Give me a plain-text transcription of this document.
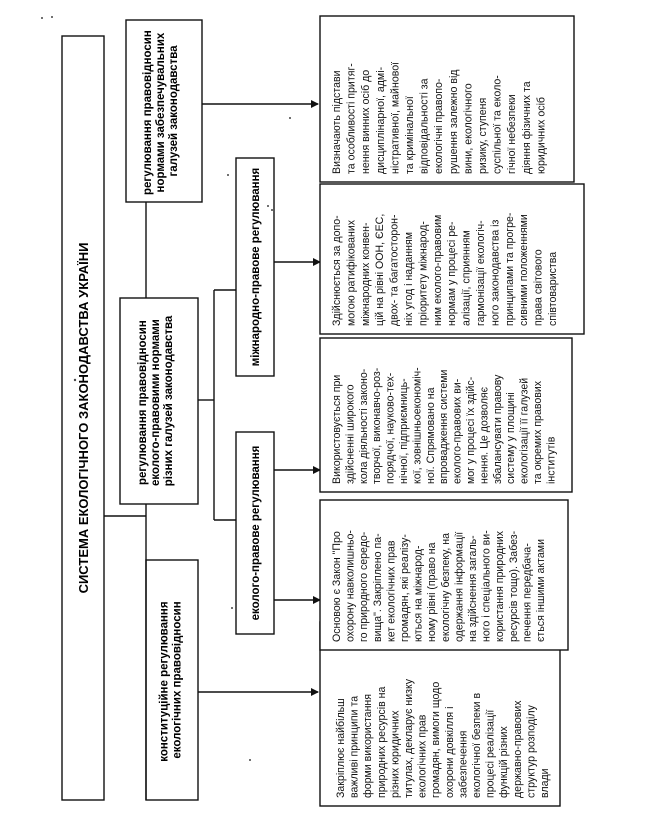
СИСТЕМА ЕКОЛОГІЧНОГО ЗАКОНОДАВСТВА УКРАЇНИ
конституційне регулювання екологічних правовідносин
регулювання правовідносин еколого-правовими нормами різних галузей законодавства
регулювання правовідносин нормами забезпечувальних галузей законодавства
еколого-правове регулювання
міжнародно-правове регулювання
Закріплює найбільш важливі принципи та форми використання природних ресурсів на різних юридичних титулах, декларує низку екологічних прав громадян, вимоги щодо охорони довкілля і забезпечення екологічної безпеки в процесі реалізації функцій різних державно-правових структур розподілу влади
Основою є Закон "Про охорону навколишньо- го природного середо- вища". Закріплено па- кет екологічних прав громадян, які реалізу- ються на міжнарод- ному рівні (право на екологічну безпеку, на одержання інформації на здійснення загаль- ного і спеціального ви- користання природних ресурсів тощо). Забез- печення передбача- ється іншими актами
Використовується при здійсненні широкого кола діяльності законо- творчої, виконавчо-роз- порядчої, науково-тех- нічної, підприємниць- кої, зовнішньоекономіч- ної. Спрямовано на впровадження системи еколого-правових ви- мог у процесі їх здійс- нення. Це дозволяє збалансувати правову систему у площині екологізації її галузей та окремих правових інститутів
Здійснюється за допо- могою ратифікованих міжнародних конвен- цій на рівні ООН, ЄЕС, двох- та багатосторон- ніх угод і наданням пріоритету міжнарод- ним еколого-правовим нормам у процесі ре- алізації, сприянням гармонізації екологіч- ного законодавства із принципами та прогре- сивними положеннями права світового співтовариства
Визначають підстави та особливості притяг- нення винних осіб до дисциплінарної, адмі- ністративної, майнової та кримінальної відповідальності за екологічні правопо- рушення залежно від вини, екологічного ризику, ступеня суспільної та еколо- гічної небезпеки діяння фізичних та юридичних осіб
